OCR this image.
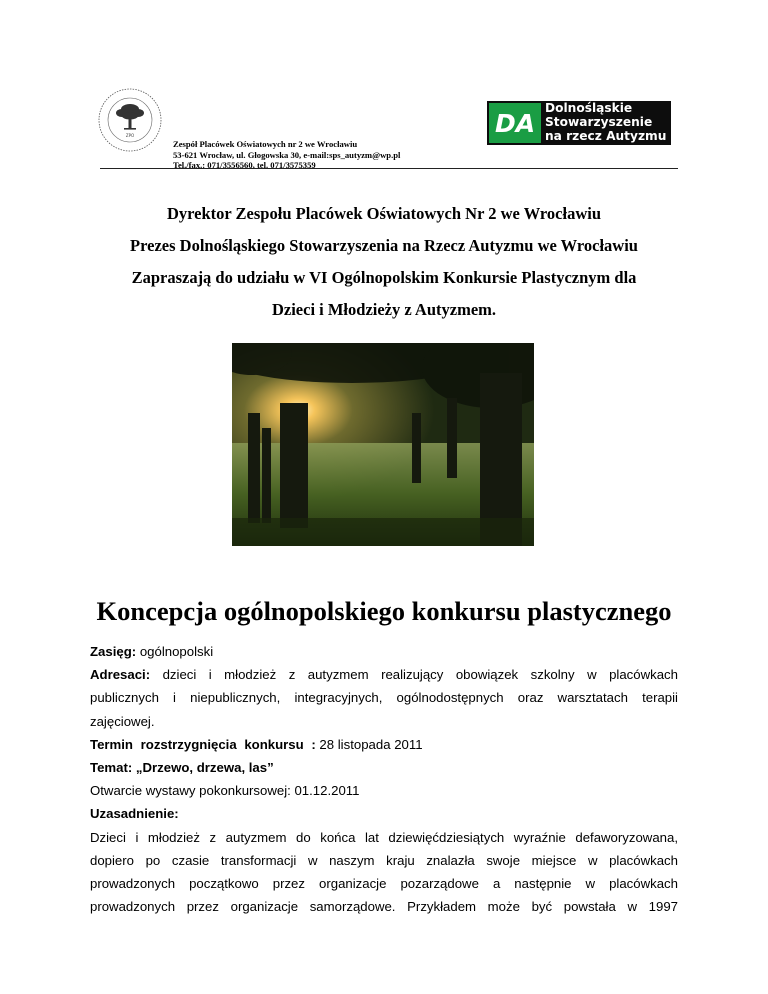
ZPO
Zespół Placówek Oświatowych nr 2 we Wrocławiu
53-621 Wrocław, ul. Głogowska 30, e-mail:sps_autyzm@wp.pl
Tel./fax.: 071/3556560, tel. 071/3575359
DA
Dolnośląskie
Stowarzyszenie
na rzecz Autyzmu
Dyrektor Zespołu Placówek Oświatowych Nr 2 we Wrocławiu
Prezes Dolnośląskiego Stowarzyszenia na Rzecz Autyzmu we Wrocławiu
Zapraszają do udziału w VI Ogólnopolskim Konkursie Plastycznym dla
Dzieci i Młodzieży z Autyzmem.
Koncepcja ogólnopolskiego konkursu plastycznego
Zasięg: ogólnopolski
Adresaci: dzieci i młodzież z autyzmem realizujący obowiązek szkolny w placówkach
publicznych i niepublicznych, integracyjnych, ogólnodostępnych oraz warsztatach terapii
zajęciowej.
Termin rozstrzygnięcia konkursu : 28 listopada 2011
Temat: „Drzewo, drzewa, las”
Otwarcie wystawy pokonkursowej: 01.12.2011
Uzasadnienie:
Dzieci i młodzież z autyzmem do końca lat dziewięćdziesiątych wyraźnie defaworyzowana,
dopiero po czasie transformacji w naszym kraju znalazła swoje miejsce w placówkach
prowadzonych początkowo przez organizacje pozarządowe a następnie w placówkach
prowadzonych przez organizacje samorządowe. Przykładem może być powstała w 1997
